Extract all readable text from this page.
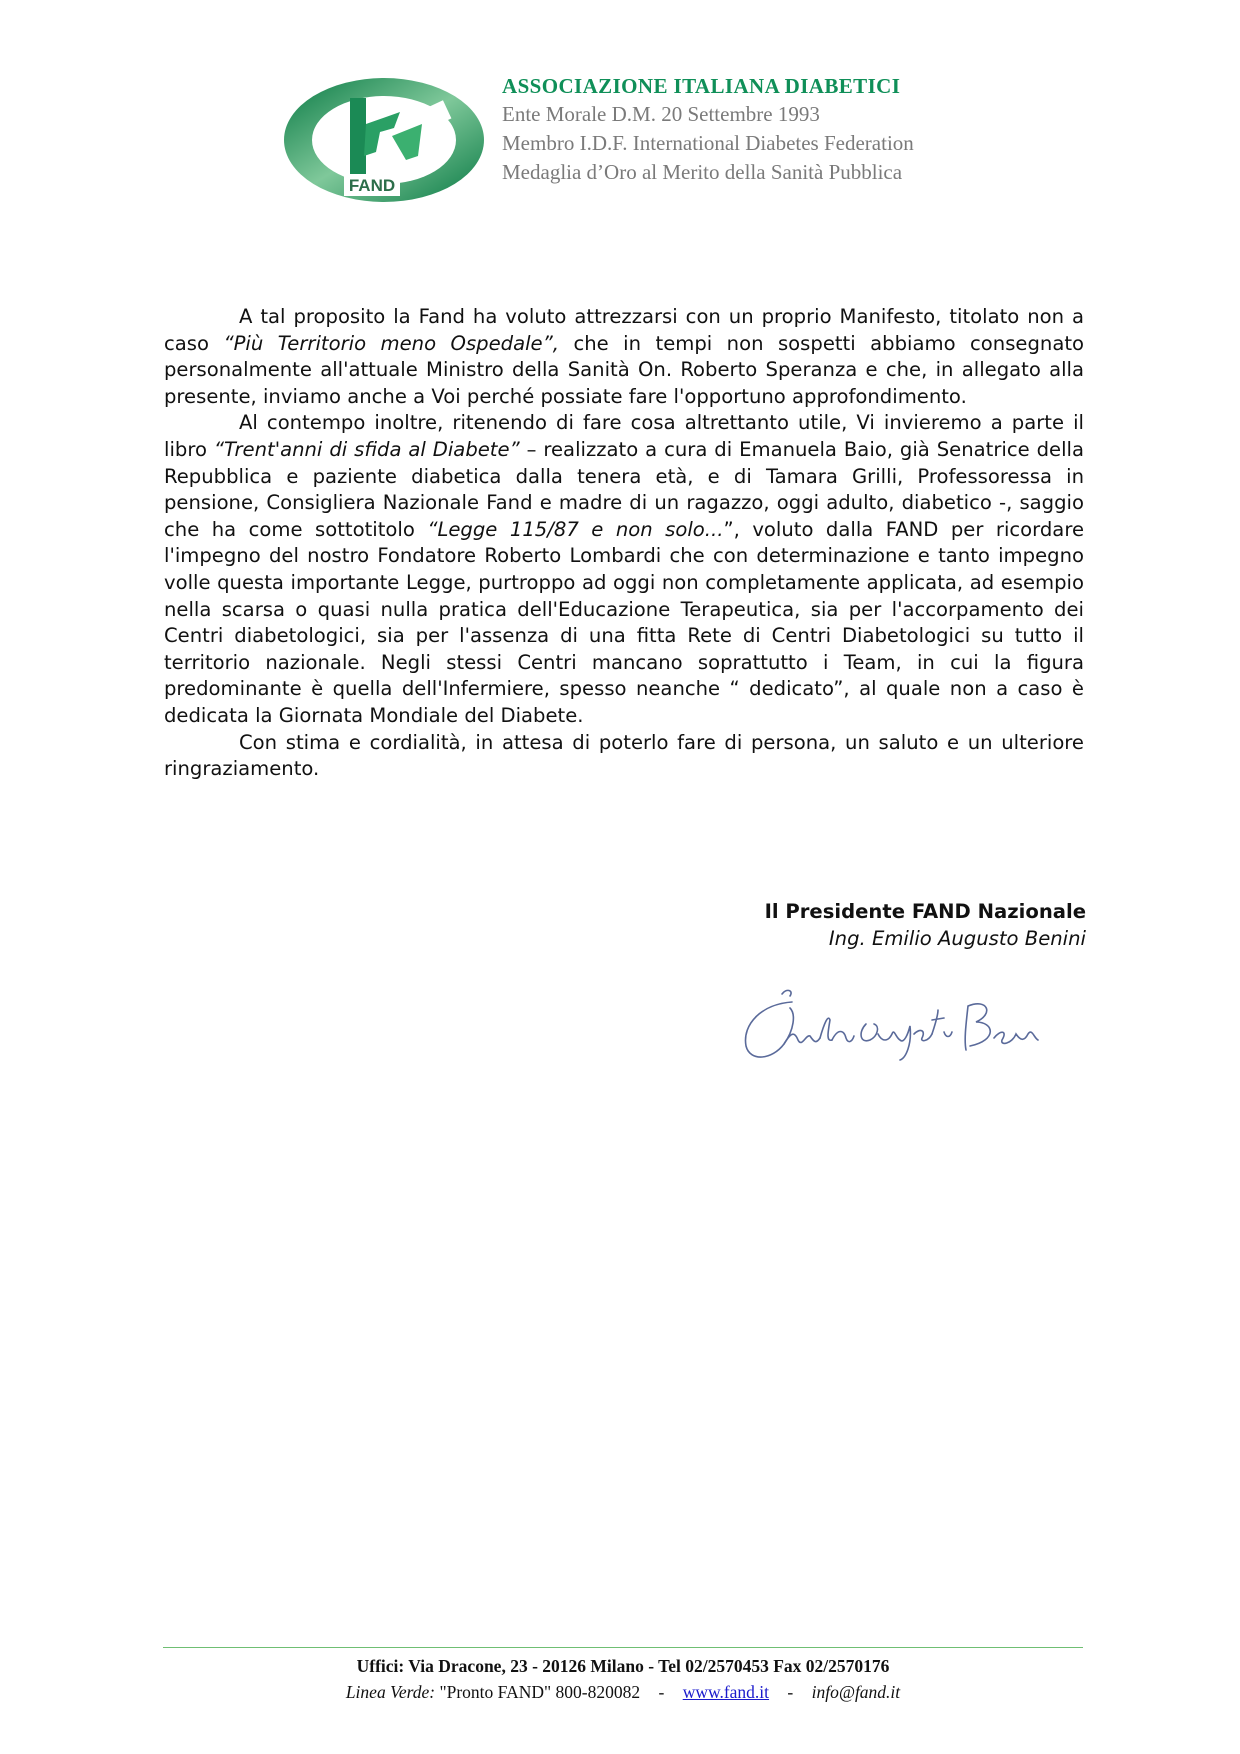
FAND
ASSOCIAZIONE ITALIANA DIABETICI
Ente Morale D.M. 20 Settembre 1993
Membro I.D.F. International Diabetes Federation
Medaglia d’Oro al Merito della Sanità Pubblica

A tal proposito la Fand ha voluto attrezzarsi con un proprio Manifesto, titolato non a caso “Più Territorio meno Ospedale”, che in tempi non sospetti abbiamo consegnato personalmente all'attuale Ministro della Sanità On. Roberto Speranza e che, in allegato alla presente, inviamo anche a Voi perché possiate fare l'opportuno approfondimento.

Al contempo inoltre, ritenendo di fare cosa altrettanto utile, Vi invieremo a parte il libro “Trent'anni di sfida al Diabete” – realizzato a cura di Emanuela Baio, già Senatrice della Repubblica e paziente diabetica dalla tenera età, e di Tamara Grilli, Professoressa in pensione, Consigliera Nazionale Fand e madre di un ragazzo, oggi adulto, diabetico -, saggio che ha come sottotitolo “Legge 115/87 e non solo...”, voluto dalla FAND per ricordare l'impegno del nostro Fondatore Roberto Lombardi che con determinazione e tanto impegno volle questa importante Legge, purtroppo ad oggi non completamente applicata, ad esempio nella scarsa o quasi nulla pratica dell'Educazione Terapeutica, sia per l'accorpamento dei Centri diabetologici, sia per l'assenza di una fitta Rete di Centri Diabetologici su tutto il territorio nazionale. Negli stessi Centri mancano soprattutto i Team, in cui la figura predominante è quella dell'Infermiere, spesso neanche “ dedicato”, al quale non a caso è dedicata la Giornata Mondiale del Diabete.

Con stima e cordialità, in attesa di poterlo fare di persona, un saluto e un ulteriore ringraziamento.

Il Presidente FAND Nazionale
Ing. Emilio Augusto Benini
Uffici: Via Dracone, 23 - 20126 Milano - Tel 02/2570453 Fax 02/2570176
Linea Verde: "Pronto FAND" 800-820082 - www.fand.it - info@fand.it
